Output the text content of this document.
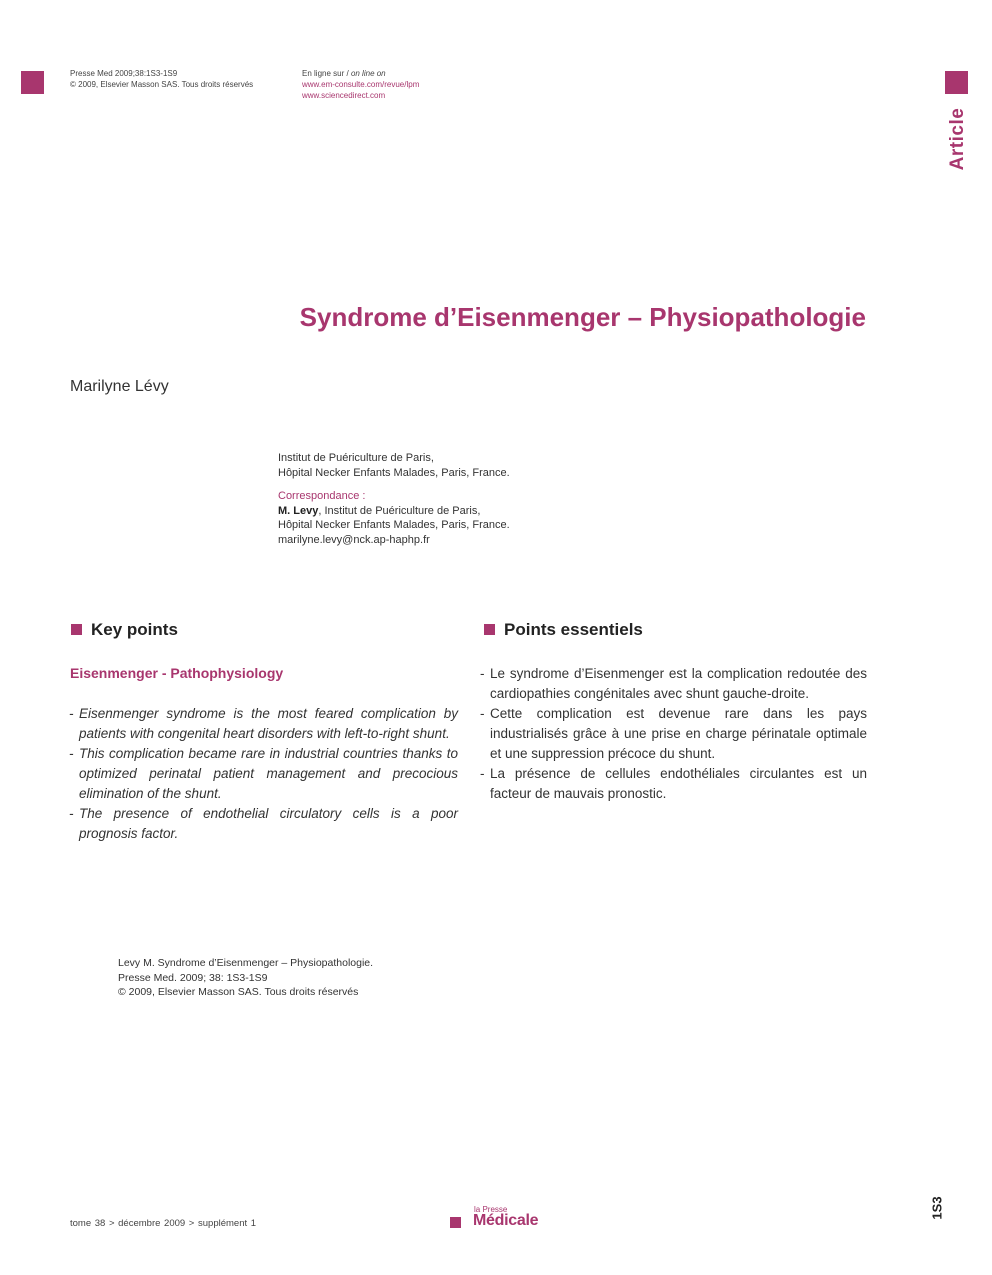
Presse Med 2009;38:1S3-1S9
© 2009, Elsevier Masson SAS. Tous droits réservés
En ligne sur / on line on
www.em-consulte.com/revue/lpm
www.sciencedirect.com
Article
Syndrome d’Eisenmenger – Physiopathologie
Marilyne Lévy
Institut de Puériculture de Paris,
Hôpital Necker Enfants Malades, Paris, France.
Correspondance :
M. Levy, Institut de Puériculture de Paris,
Hôpital Necker Enfants Malades, Paris, France.
marilyne.levy@nck.ap-haphp.fr
Key points
Eisenmenger - Pathophysiology
- Eisenmenger syndrome is the most feared complication by patients with congenital heart disorders with left-to-right shunt.
- This complication became rare in industrial countries thanks to optimized perinatal patient management and precocious elimination of the shunt.
- The presence of endothelial circulatory cells is a poor prognosis factor.
Points essentiels
- Le syndrome d’Eisenmenger est la complication redoutée des cardiopathies congénitales avec shunt gauche-droite.
- Cette complication est devenue rare dans les pays industrialisés grâce à une prise en charge périnatale optimale et une suppression précoce du shunt.
- La présence de cellules endothéliales circulantes est un facteur de mauvais pronostic.
Levy M. Syndrome d’Eisenmenger – Physiopathologie.
Presse Med. 2009; 38: 1S3-1S9
© 2009, Elsevier Masson SAS. Tous droits réservés
tome 38 > décembre 2009 > supplément 1
la Presse
Médicale
1S3
